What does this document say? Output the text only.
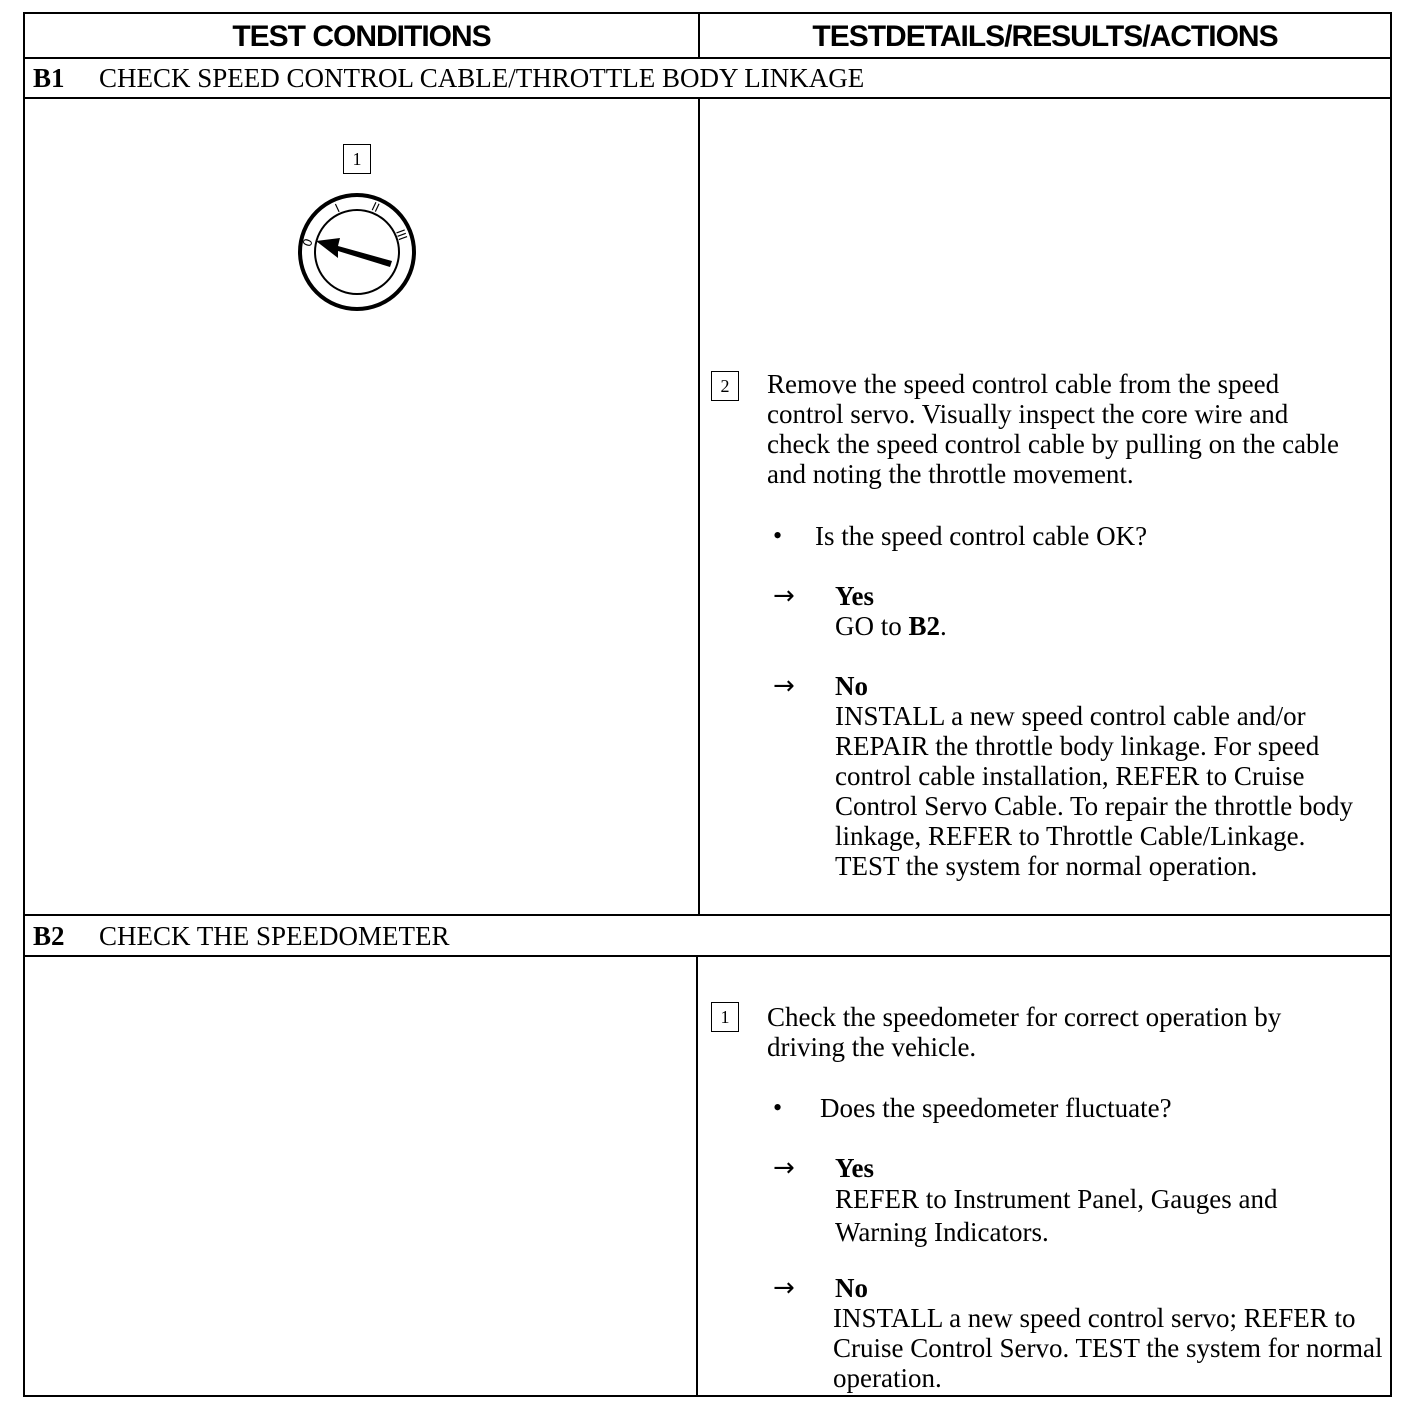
TEST CONDITIONS	TESTDETAILS/RESULTS/ACTIONS
B1 CHECK SPEED CONTROL CABLE/THROTTLE BODY LINKAGE
1
0
I II
III
2	Remove the speed control cable from the speed control servo. Visually inspect the core wire and check the speed control cable by pulling on the cable and noting the throttle movement.
• Is the speed control cable OK?
→ Yes
GO to B2.
→ No
INSTALL a new speed control cable and/or REPAIR the throttle body linkage. For speed control cable installation, REFER to Cruise Control Servo Cable. To repair the throttle body linkage, REFER to Throttle Cable/Linkage. TEST the system for normal operation.
B2 CHECK THE SPEEDOMETER
1	Check the speedometer for correct operation by driving the vehicle.
• Does the speedometer fluctuate?
→ Yes
REFER to Instrument Panel, Gauges and Warning Indicators.
→ No
INSTALL a new speed control servo; REFER to Cruise Control Servo. TEST the system for normal operation.
